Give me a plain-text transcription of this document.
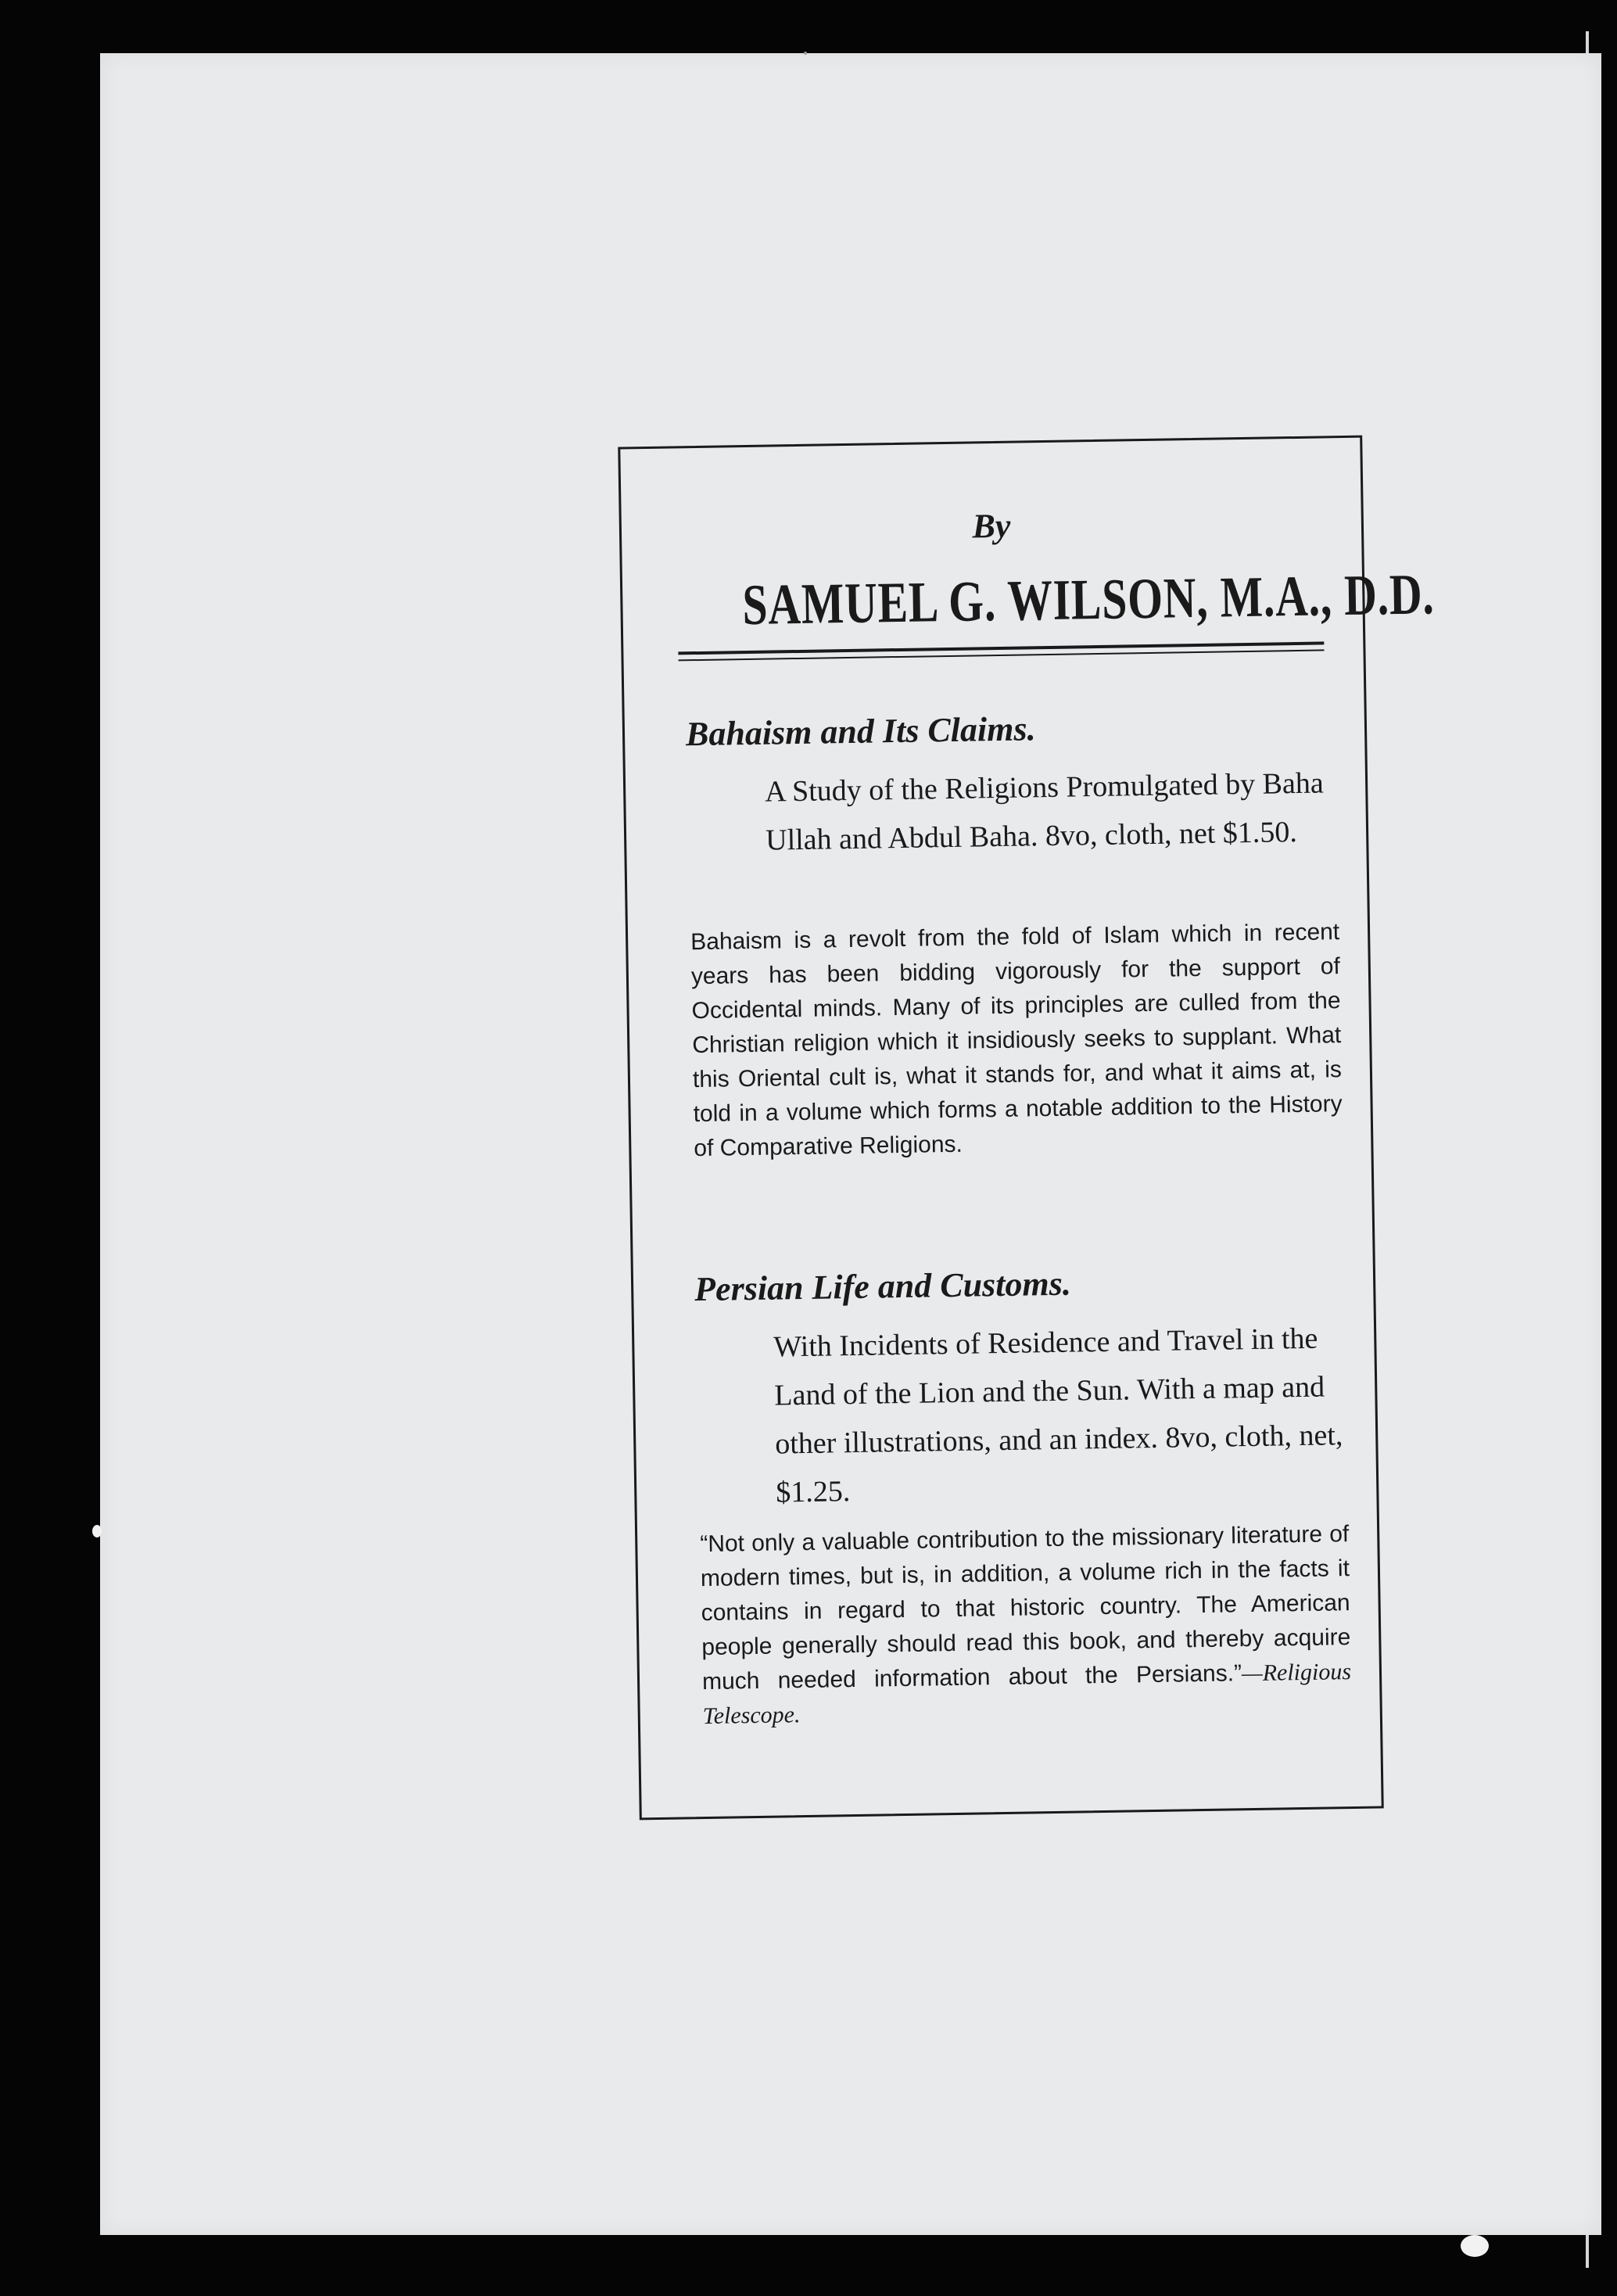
By
SAMUEL G. WILSON, M.A., D.D.
Bahaism and Its Claims.
A Study of the Religions Promulgated by Baha Ullah and Abdul Baha. 8vo, cloth, net $1.50.
Bahaism is a revolt from the fold of Islam which in recent years has been bidding vigorously for the support of Occidental minds. Many of its principles are culled from the Christian religion which it insidiously seeks to supplant. What this Oriental cult is, what it stands for, and what it aims at, is told in a volume which forms a notable addition to the History of Comparative Religions.
Persian Life and Customs.
With Incidents of Residence and Travel in the Land of the Lion and the Sun. With a map and other illustrations, and an index. 8vo, cloth, net, $1.25.
“Not only a valuable contribution to the missionary literature of modern times, but is, in addition, a volume rich in the facts it contains in regard to that historic country. The American people generally should read this book, and thereby acquire much needed information about the Persians.”—Religious Telescope.
